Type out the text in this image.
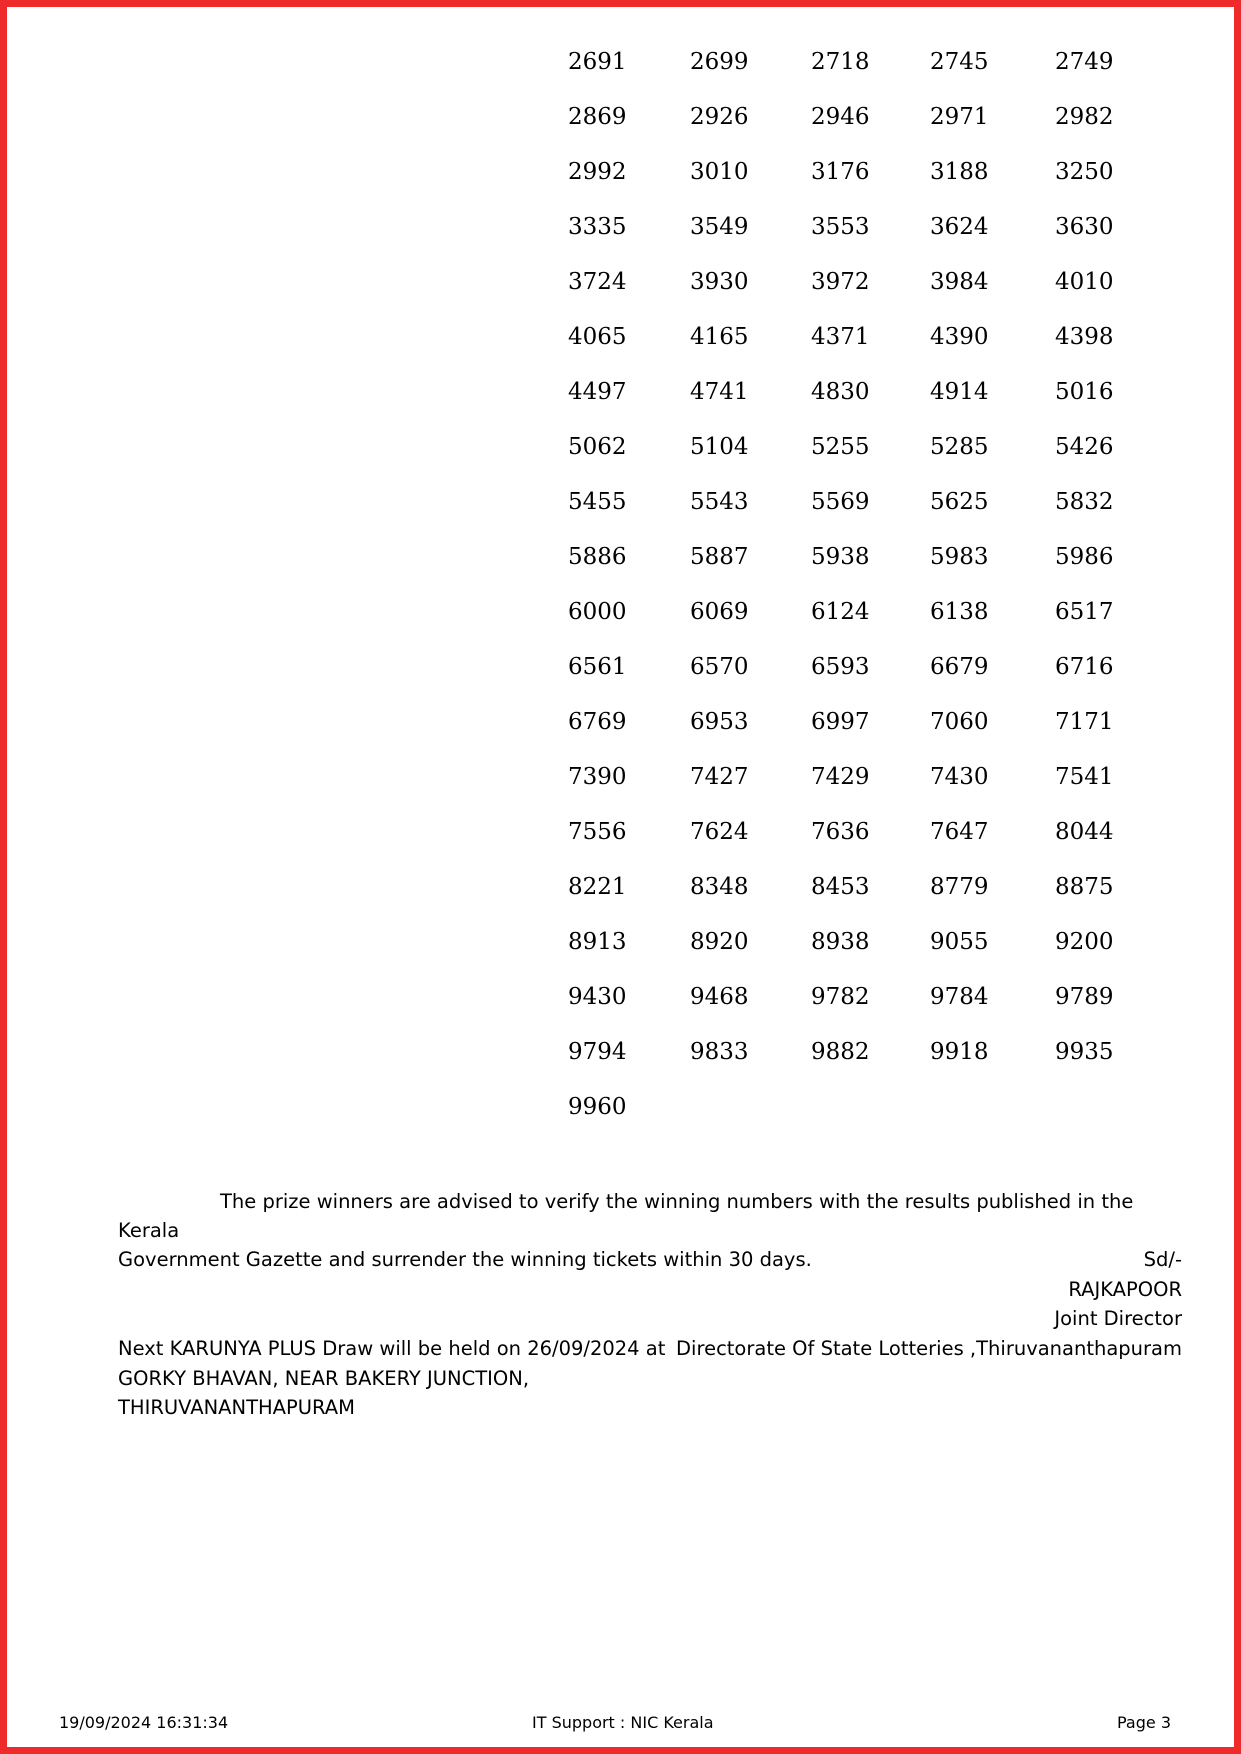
2691	2699	2718	2745	2749
2869	2926	2946	2971	2982
2992	3010	3176	3188	3250
3335	3549	3553	3624	3630
3724	3930	3972	3984	4010
4065	4165	4371	4390	4398
4497	4741	4830	4914	5016
5062	5104	5255	5285	5426
5455	5543	5569	5625	5832
5886	5887	5938	5983	5986
6000	6069	6124	6138	6517
6561	6570	6593	6679	6716
6769	6953	6997	7060	7171
7390	7427	7429	7430	7541
7556	7624	7636	7647	8044
8221	8348	8453	8779	8875
8913	8920	8938	9055	9200
9430	9468	9782	9784	9789
9794	9833	9882	9918	9935
9960
The prize winners are advised to verify the winning numbers with the results published in the Kerala
Government Gazette and surrender the winning tickets within 30 days.	Sd/-
RAJKAPOOR
Joint Director
Directorate Of State Lotteries ,Thiruvananthapuram
Next KARUNYA PLUS Draw will be held on 26/09/2024 at
GORKY BHAVAN, NEAR BAKERY JUNCTION,
THIRUVANANTHAPURAM
19/09/2024 16:31:34	IT Support : NIC Kerala	Page 3
